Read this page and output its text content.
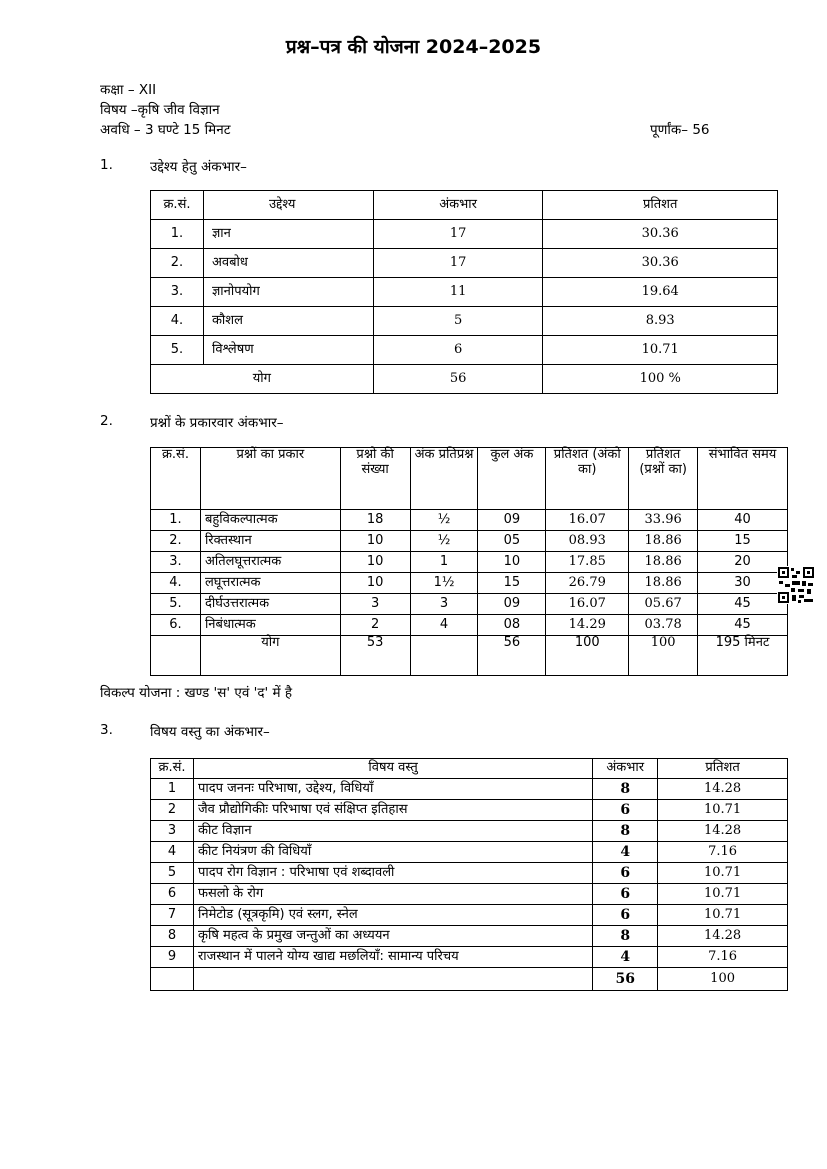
प्रश्न–पत्र की योजना 2024–2025
कक्षा – XII
विषय –कृषि जीव विज्ञान
अवधि – 3 घण्टे 15 मिनट	पूर्णांक– 56
1.	उद्देश्य हेतु अंकभार–
क्र.सं.	उद्देश्य	अंकभार	प्रतिशत
1.	ज्ञान	17	30.36
2.	अवबोध	17	30.36
3.	ज्ञानोपयोग	11	19.64
4.	कौशल	5	8.93
5.	विश्लेषण	6	10.71
योग		56	100 %
2.	प्रश्नों के प्रकारवार अंकभार–
क्र.सं.	प्रश्नों का प्रकार	प्रश्नो की संख्या	अंक प्रतिप्रश्न	कुल अंक	प्रतिशत (अंको का)	प्रतिशत (प्रश्नों का)	संभावित समय
1.	बहुविकल्पात्मक	18	½	09	16.07	33.96	40
2.	रिक्तस्थान	10	½	05	08.93	18.86	15
3.	अतिलघूत्तरात्मक	10	1	10	17.85	18.86	20
4.	लघूत्तरात्मक	10	1½	15	26.79	18.86	30
5.	दीर्घउत्तरात्मक	3	3	09	16.07	05.67	45
6.	निबंधात्मक	2	4	08	14.29	03.78	45
	योग	53		56	100	100	195 मिनट
विकल्प योजना : खण्ड 'स' एवं 'द' में है
3.	विषय वस्तु का अंकभार–
क्र.सं.	विषय वस्तु	अंकभार	प्रतिशत
1	पादप जननः परिभाषा, उद्देश्य, विधियाँ	8	14.28
2	जैव प्रौद्योगिकीः परिभाषा एवं संक्षिप्त इतिहास	6	10.71
3	कीट विज्ञान	8	14.28
4	कीट नियंत्रण की विधियाँ	4	7.16
5	पादप रोग विज्ञान : परिभाषा एवं शब्दावली	6	10.71
6	फसलो के रोग	6	10.71
7	निमेटोड (सूत्रकृमि) एवं स्लग, स्नेल	6	10.71
8	कृषि महत्व के प्रमुख जन्तुओं का अध्ययन	8	14.28
9	राजस्थान में पालने योग्य खाद्य मछलियाँ: सामान्य परिचय	4	7.16
		56	100
